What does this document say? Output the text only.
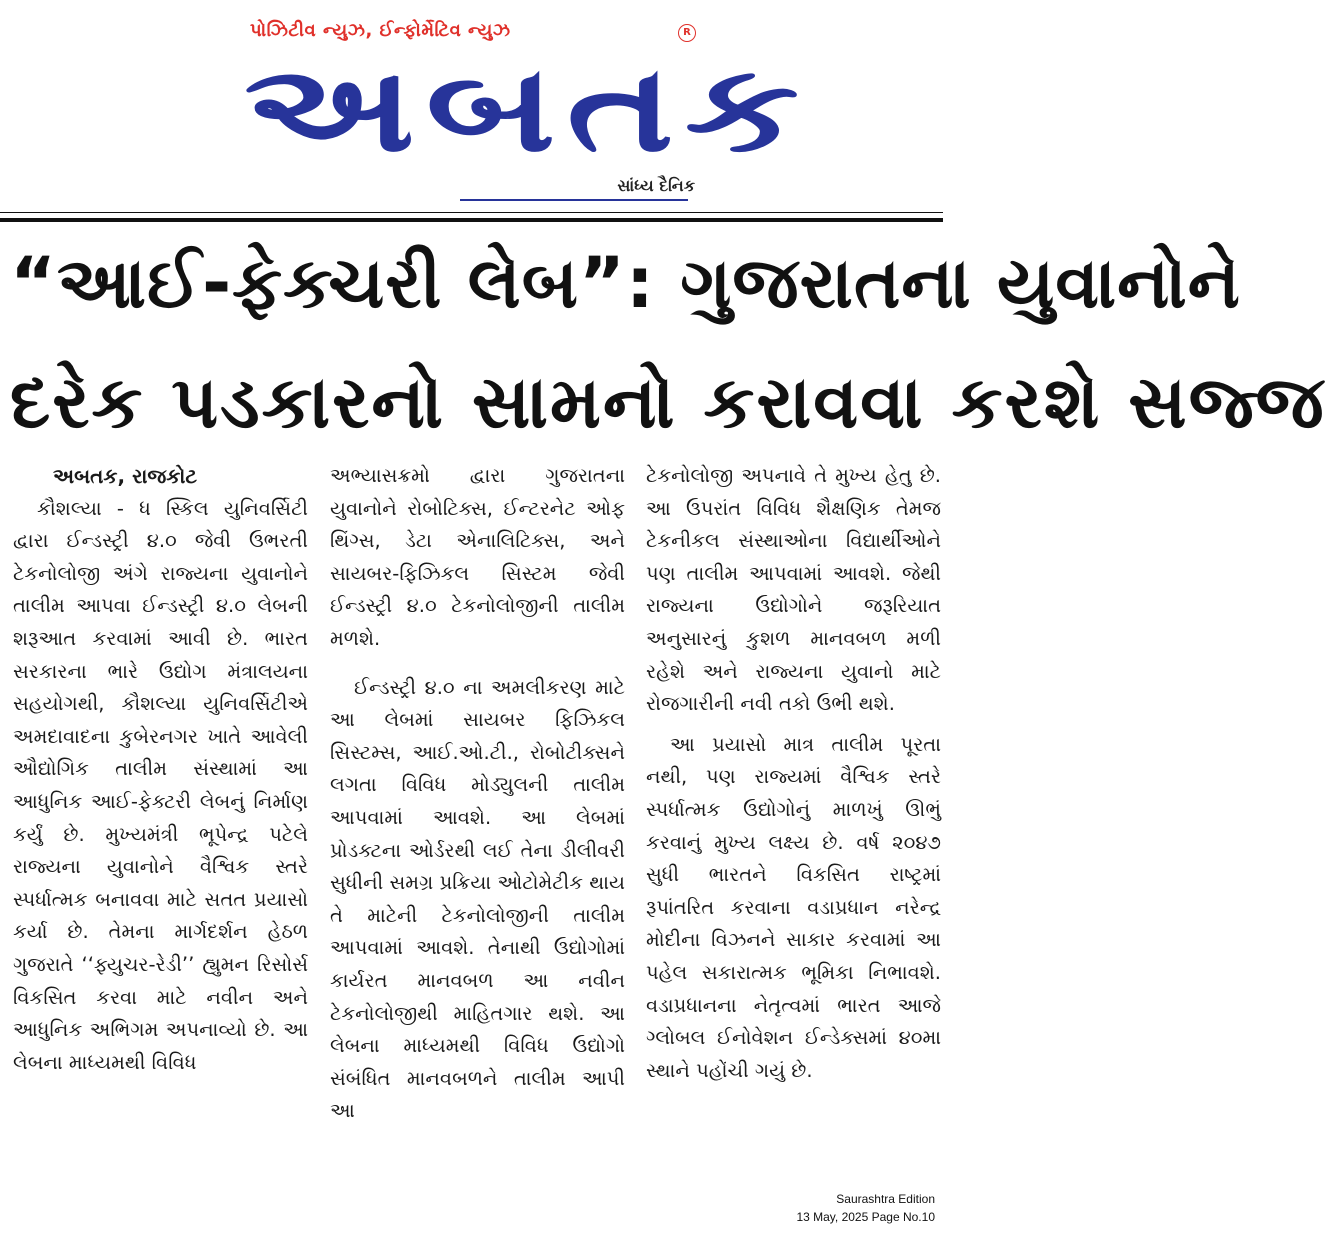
પોઝિટીવ ન્યુઝ, ઈન્ફોર્મેટિવ ન્યુઝ	R
અબતક
સાંધ્ય દૈનિક
“આઈ-ફેક્ચરી લેબ”: ગુજરાતના યુવાનોને
દરેક પડકારનો સામનો કરાવવા કરશે સજ્જ

અબતક, રાજકોટ

કૌશલ્યા - ધ સ્કિલ યુનિવર્સિટી દ્વારા ઈન્ડસ્ટ્રી ૪.૦ જેવી ઉભરતી ટેકનોલોજી અંગે રાજ્યના યુવાનોને તાલીમ આપવા ઈન્ડસ્ટ્રી ૪.૦ લેબની શરૂઆત કરવામાં આવી છે. ભારત સરકારના ભારે ઉદ્યોગ મંત્રાલયના સહયોગથી, કૌશલ્યા યુનિવર્સિટીએ અમદાવાદના કુબેરનગર ખાતે આવેલી ઔદ્યોગિક તાલીમ સંસ્થામાં આ આધુનિક આઈ-ફેક્ટરી લેબનું નિર્માણ કર્યું છે. મુખ્યમંત્રી ભૂપેન્દ્ર પટેલે રાજ્યના યુવાનોને વૈશ્વિક સ્તરે સ્પર્ધાત્મક બનાવવા માટે સતત પ્રયાસો કર્યા છે. તેમના માર્ગદર્શન હેઠળ ગુજરાતે ‘‘ફ્યુચર-રેડી’’ હ્યુમન રિસોર્સ વિકસિત કરવા માટે નવીન અને આધુનિક અભિગમ અપનાવ્યો છે. આ લેબના માધ્યમથી વિવિધ

અભ્યાસક્રમો દ્વારા ગુજરાતના યુવાનોને રોબોટિક્સ, ઈન્ટરનેટ ઓફ થિંગ્સ, ડેટા એનાલિટિક્સ, અને સાયબર-ફિઝિકલ સિસ્ટમ જેવી ઈન્ડસ્ટ્રી ૪.૦ ટેકનોલોજીની તાલીમ મળશે.

ઈન્ડસ્ટ્રી ૪.૦ ના અમલીકરણ માટે આ લેબમાં સાયબર ફિઝિકલ સિસ્ટમ્સ, આઈ.ઓ.ટી., રોબોટીક્સને લગતા વિવિધ મોડ્યુલની તાલીમ આપવામાં આવશે. આ લેબમાં પ્રોડક્ટના ઓર્ડરથી લઈ તેના ડીલીવરી સુધીની સમગ્ર પ્રક્રિયા ઓટોમેટીક થાય તે માટેની ટેકનોલોજીની તાલીમ આપવામાં આવશે. તેનાથી ઉદ્યોગોમાં કાર્યરત માનવબળ આ નવીન ટેકનોલોજીથી માહિતગાર થશે. આ લેબના માધ્યમથી વિવિધ ઉદ્યોગો સંબંધિત માનવબળને તાલીમ આપી આ

ટેકનોલોજી અપનાવે તે મુખ્ય હેતુ છે. આ ઉપરાંત વિવિધ શૈક્ષણિક તેમજ ટેકનીકલ સંસ્થાઓના વિદ્યાર્થીઓને પણ તાલીમ આપવામાં આવશે. જેથી રાજ્યના ઉદ્યોગોને જરૂરિયાત અનુસારનું કુશળ માનવબળ મળી રહેશે અને રાજ્યના યુવાનો માટે રોજગારીની નવી તકો ઉભી થશે.

આ પ્રયાસો માત્ર તાલીમ પૂરતા નથી, પણ રાજ્યમાં વૈશ્વિક સ્તરે સ્પર્ધાત્મક ઉદ્યોગોનું માળખું ઊભું કરવાનું મુખ્ય લક્ષ્ય છે. વર્ષ ૨૦૪૭ સુધી ભારતને વિકસિત રાષ્ટ્રમાં રૂપાંતરિત કરવાના વડાપ્રધાન નરેન્દ્ર મોદીના વિઝનને સાકાર કરવામાં આ પહેલ સકારાત્મક ભૂમિકા નિભાવશે. વડાપ્રધાનના નેતૃત્વમાં ભારત આજે ગ્લોબલ ઈનોવેશન ઈન્ડેક્સમાં ૪૦મા સ્થાને પહોંચી ગયું છે.

Saurashtra Edition
13 May, 2025 Page No.10
